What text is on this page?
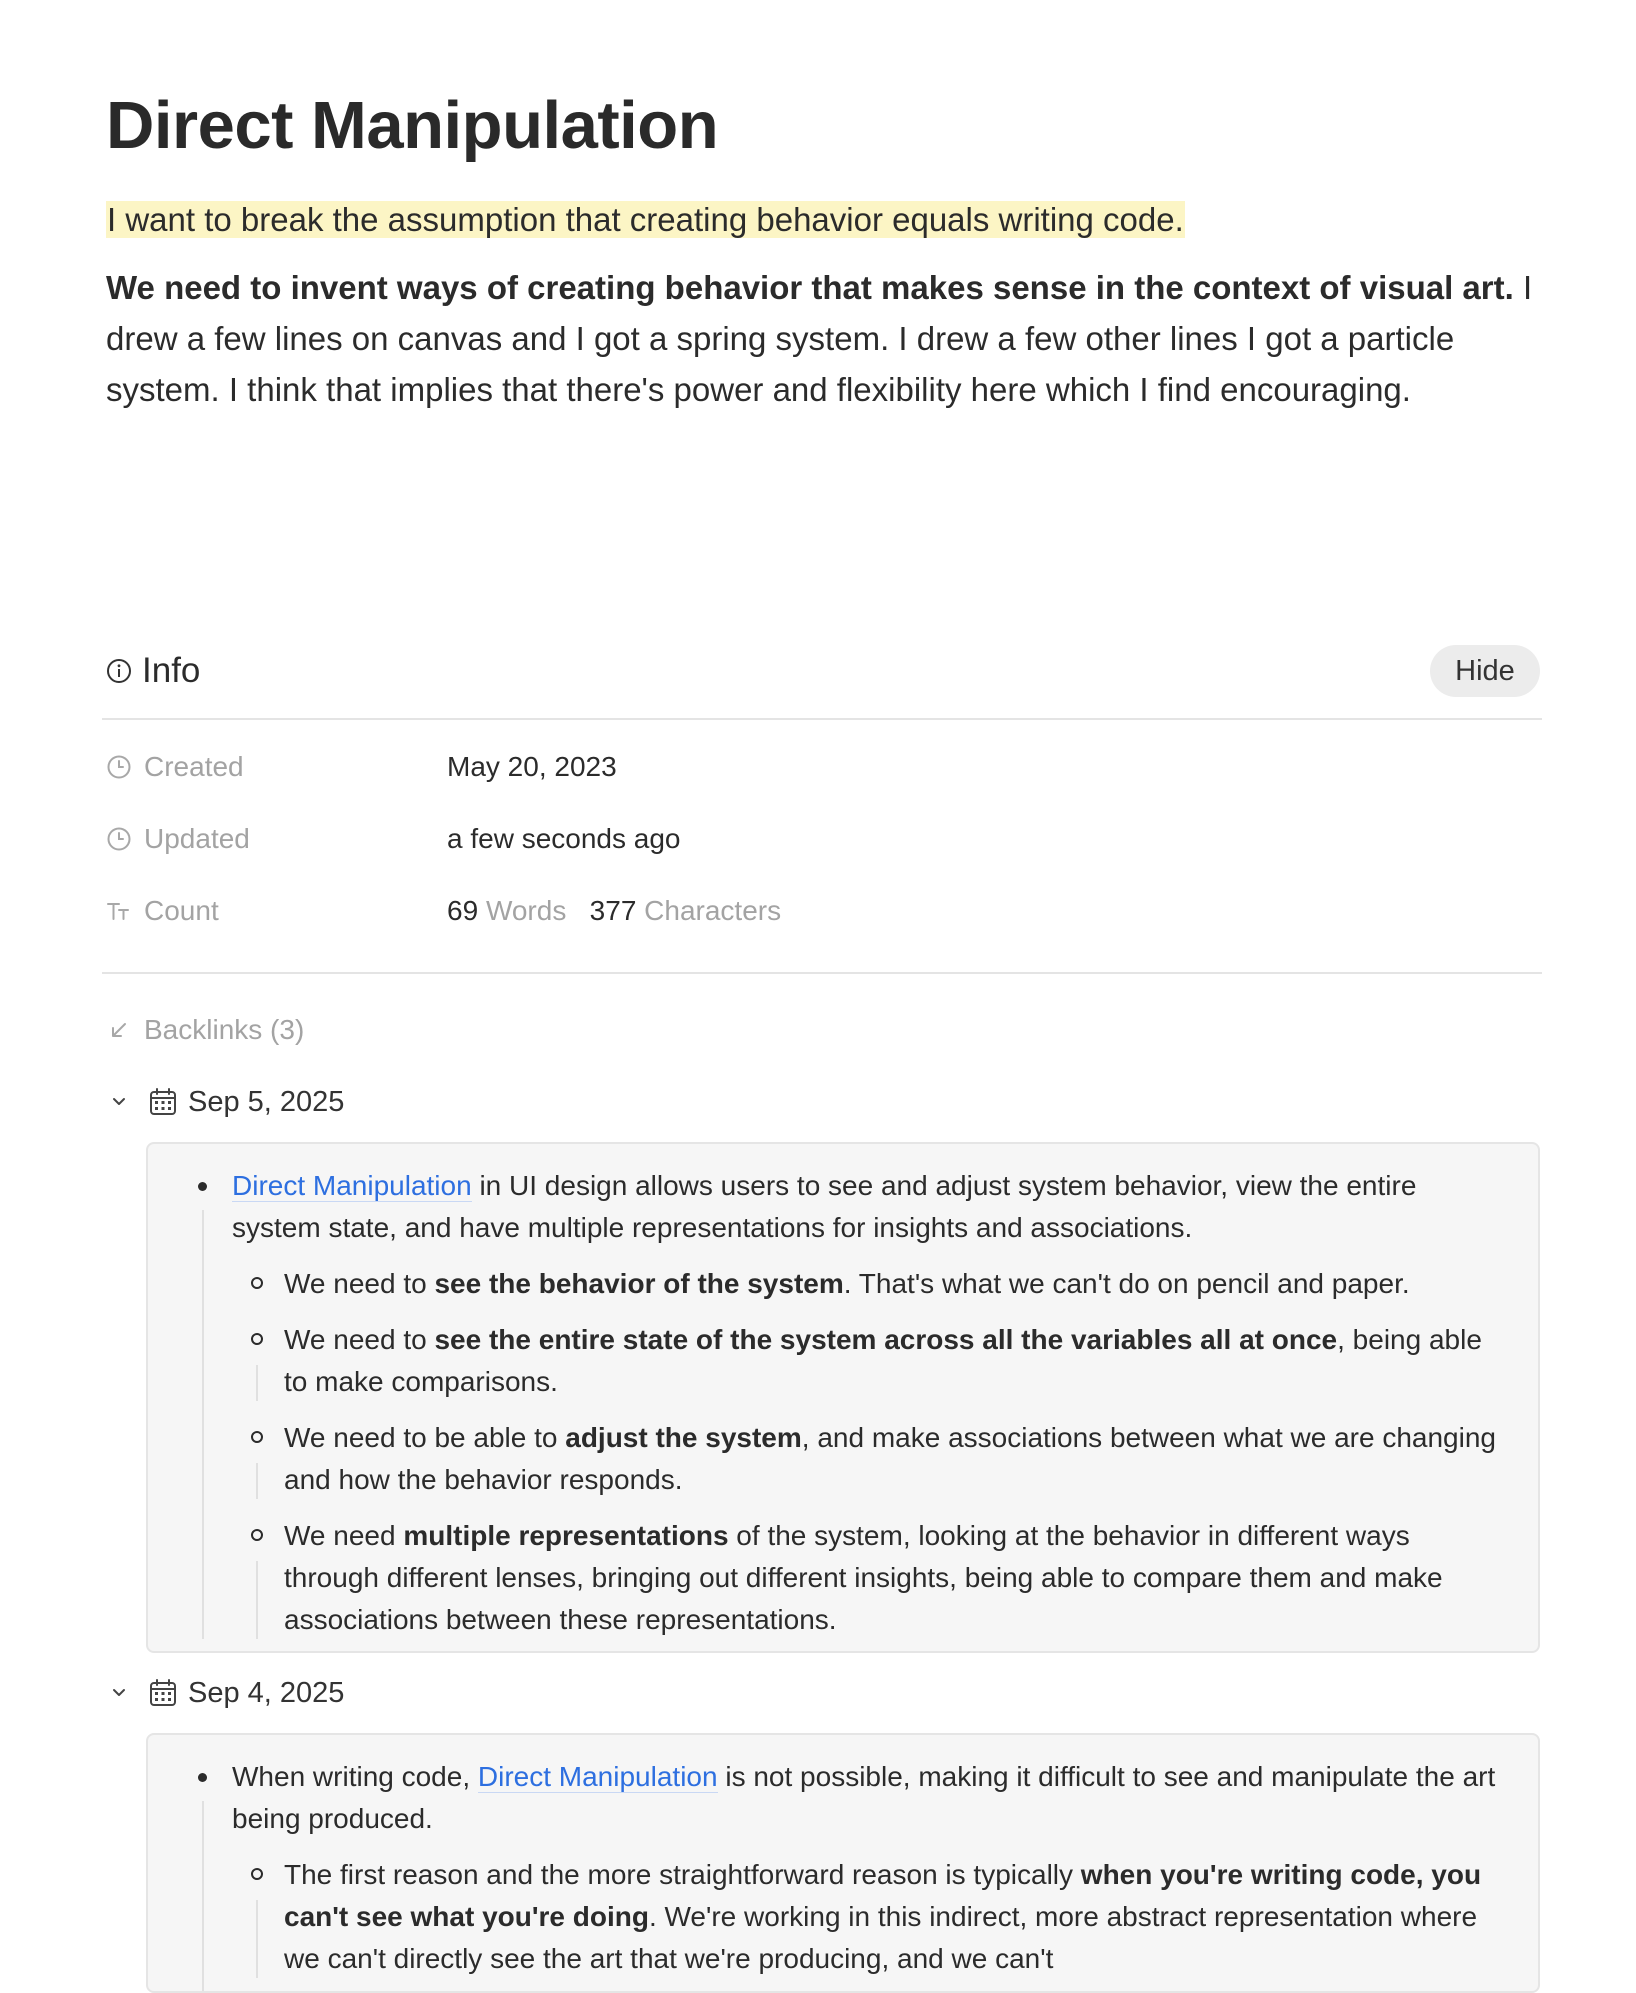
Direct Manipulation
I want to break the assumption that creating behavior equals writing code.
We need to invent ways of creating behavior that makes sense in the context of visual art. I drew a few lines on canvas and I got a spring system. I drew a few other lines I got a particle system. I think that implies that there's power and flexibility here which I find encouraging.
Info	Hide
Created	May 20, 2023
Updated	a few seconds ago
Count	69 Words 377 Characters
Backlinks (3)
Sep 5, 2025
Direct Manipulation in UI design allows users to see and adjust system behavior, view the entire system state, and have multiple representations for insights and associations.
We need to see the behavior of the system. That's what we can't do on pencil and paper.
We need to see the entire state of the system across all the variables all at once, being able to make comparisons.
We need to be able to adjust the system, and make associations between what we are changing and how the behavior responds.
We need multiple representations of the system, looking at the behavior in different ways through different lenses, bringing out different insights, being able to compare them and make associations between these representations.
Sep 4, 2025
When writing code, Direct Manipulation is not possible, making it difficult to see and manipulate the art being produced.
The first reason and the more straightforward reason is typically when you're writing code, you can't see what you're doing. We're working in this indirect, more abstract representation where we can't directly see the art that we're producing, and we can't
